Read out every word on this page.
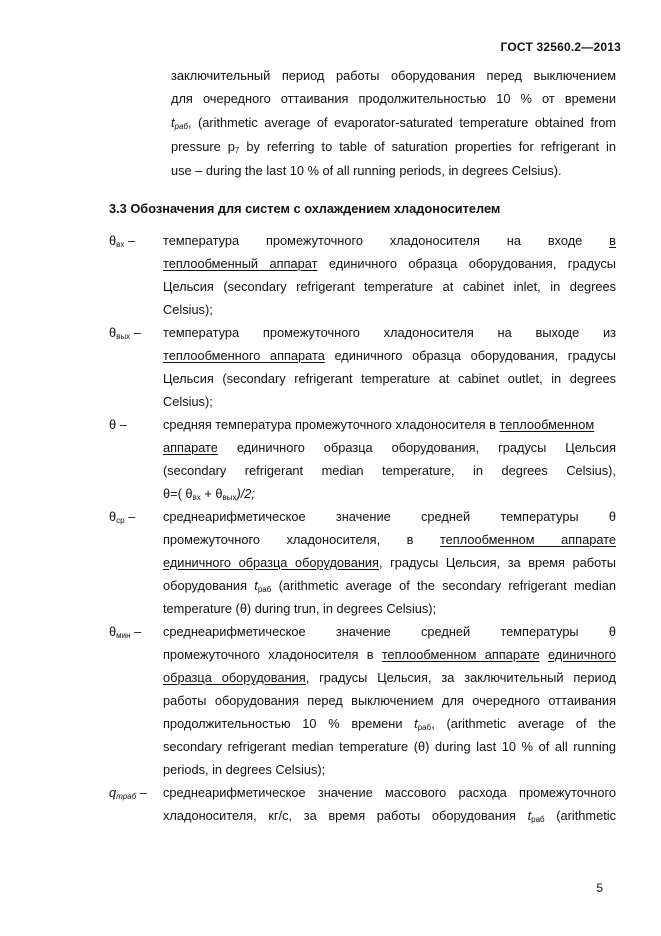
ГОСТ 32560.2—2013
заключительный период работы оборудования перед выключением
для очередного оттаивания продолжительностью 10 % от времени
$t_{раб}$, (arithmetic average of evaporator-saturated temperature obtained from
pressure $p_7$ by referring to table of saturation properties for refrigerant in
use – during the last 10 % of all running periods, in degrees Celsius).
3.3 Обозначения для систем с охлаждением хладоносителем
$\theta_{вх}$ – температура промежуточного хладоносителя на входе в
теплообменный аппарат единичного образца оборудования, градусы
Цельсия (secondary refrigerant temperature at cabinet inlet, in degrees
Celsius);
$\theta_{вых}$ – температура промежуточного хладоносителя на выходе из
теплообменного аппарата единичного образца оборудования, градусы
Цельсия (secondary refrigerant temperature at cabinet outlet, in degrees
Celsius);
θ –	средняя температура промежуточного хладоносителя в теплообменном
аппарате единичного образца оборудования, градусы Цельсия
(secondary refrigerant median temperature, in degrees Celsius),
θ=( $\theta_{вх} + \theta_{вых})/2$;
$\theta_{ср}$ – среднеарифметическое значение средней температуры θ
промежуточного хладоносителя, в теплообменном аппарате
единичного образца оборудования, градусы Цельсия, за время работы
оборудования $t_{раб}$ (arithmetic average of the secondary refrigerant median
temperature (θ) during trun, in degrees Celsius);
$\theta_{мин}$ – среднеарифметическое значение средней температуры θ
промежуточного хладоносителя в теплообменном аппарате единичного
образца оборудования, градусы Цельсия, за заключительный период
работы оборудования перед выключением для очередного оттаивания
продолжительностью 10 % времени $t_{раб}$, (arithmetic average of the
secondary refrigerant median temperature (θ) during last 10 % of all running
periods, in degrees Celsius);
$q_{mраб}$ – среднеарифметическое значение массового расхода промежуточного
хладоносителя, кг/с, за время работы оборудования $t_{раб}$ (arithmetic
5
